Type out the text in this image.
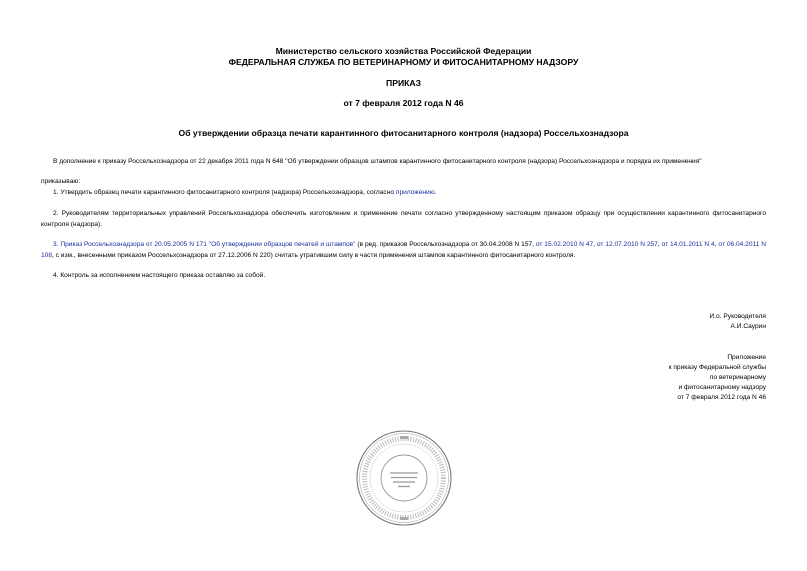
Министерство сельского хозяйства Российской Федерации
ФЕДЕРАЛЬНАЯ СЛУЖБА ПО ВЕТЕРИНАРНОМУ И ФИТОСАНИТАРНОМУ НАДЗОРУ
ПРИКАЗ
от 7 февраля 2012 года N 46
Об утверждении образца печати карантинного фитосанитарного контроля (надзора) Россельхознадзора
В дополнение к приказу Россельхознадзора от 22 декабря 2011 года N 648 "Об утверждении образцов штампов карантинного фитосанитарного контроля (надзора) Россельхознадзора и порядка их применения"
приказываю:
1. Утвердить образец печати карантинного фитосанитарного контроля (надзора) Россельхознадзора, согласно приложению.
2. Руководителям территориальных управлений Россельхознадзора обеспечить изготовление и применение печати согласно утвержденному настоящим приказом образцу при осуществлении карантинного фитосанитарного контроля (надзора).
3. Приказ Россельхознадзора от 20.05.2005 N 171 "Об утверждении образцов печатей и штампов" (в ред. приказов Россельхознадзора от 30.04.2008 N 157, от 15.02.2010 N 47, от 12.07.2010 N 257, от 14.01.2011 N 4, от 06.04.2011 N 108, с изм., внесенными приказом Россельхознадзора от 27.12.2006 N 220) считать утратившим силу в части применения штампов карантинного фитосанитарного контроля.
4. Контроль за исполнением настоящего приказа оставляю за собой.
И.о. Руководителя
А.И.Саурин
Приложение
к приказу Федеральной службы
по ветеринарному
и фитосанитарному надзору
от 7 февраля 2012 года N 46
